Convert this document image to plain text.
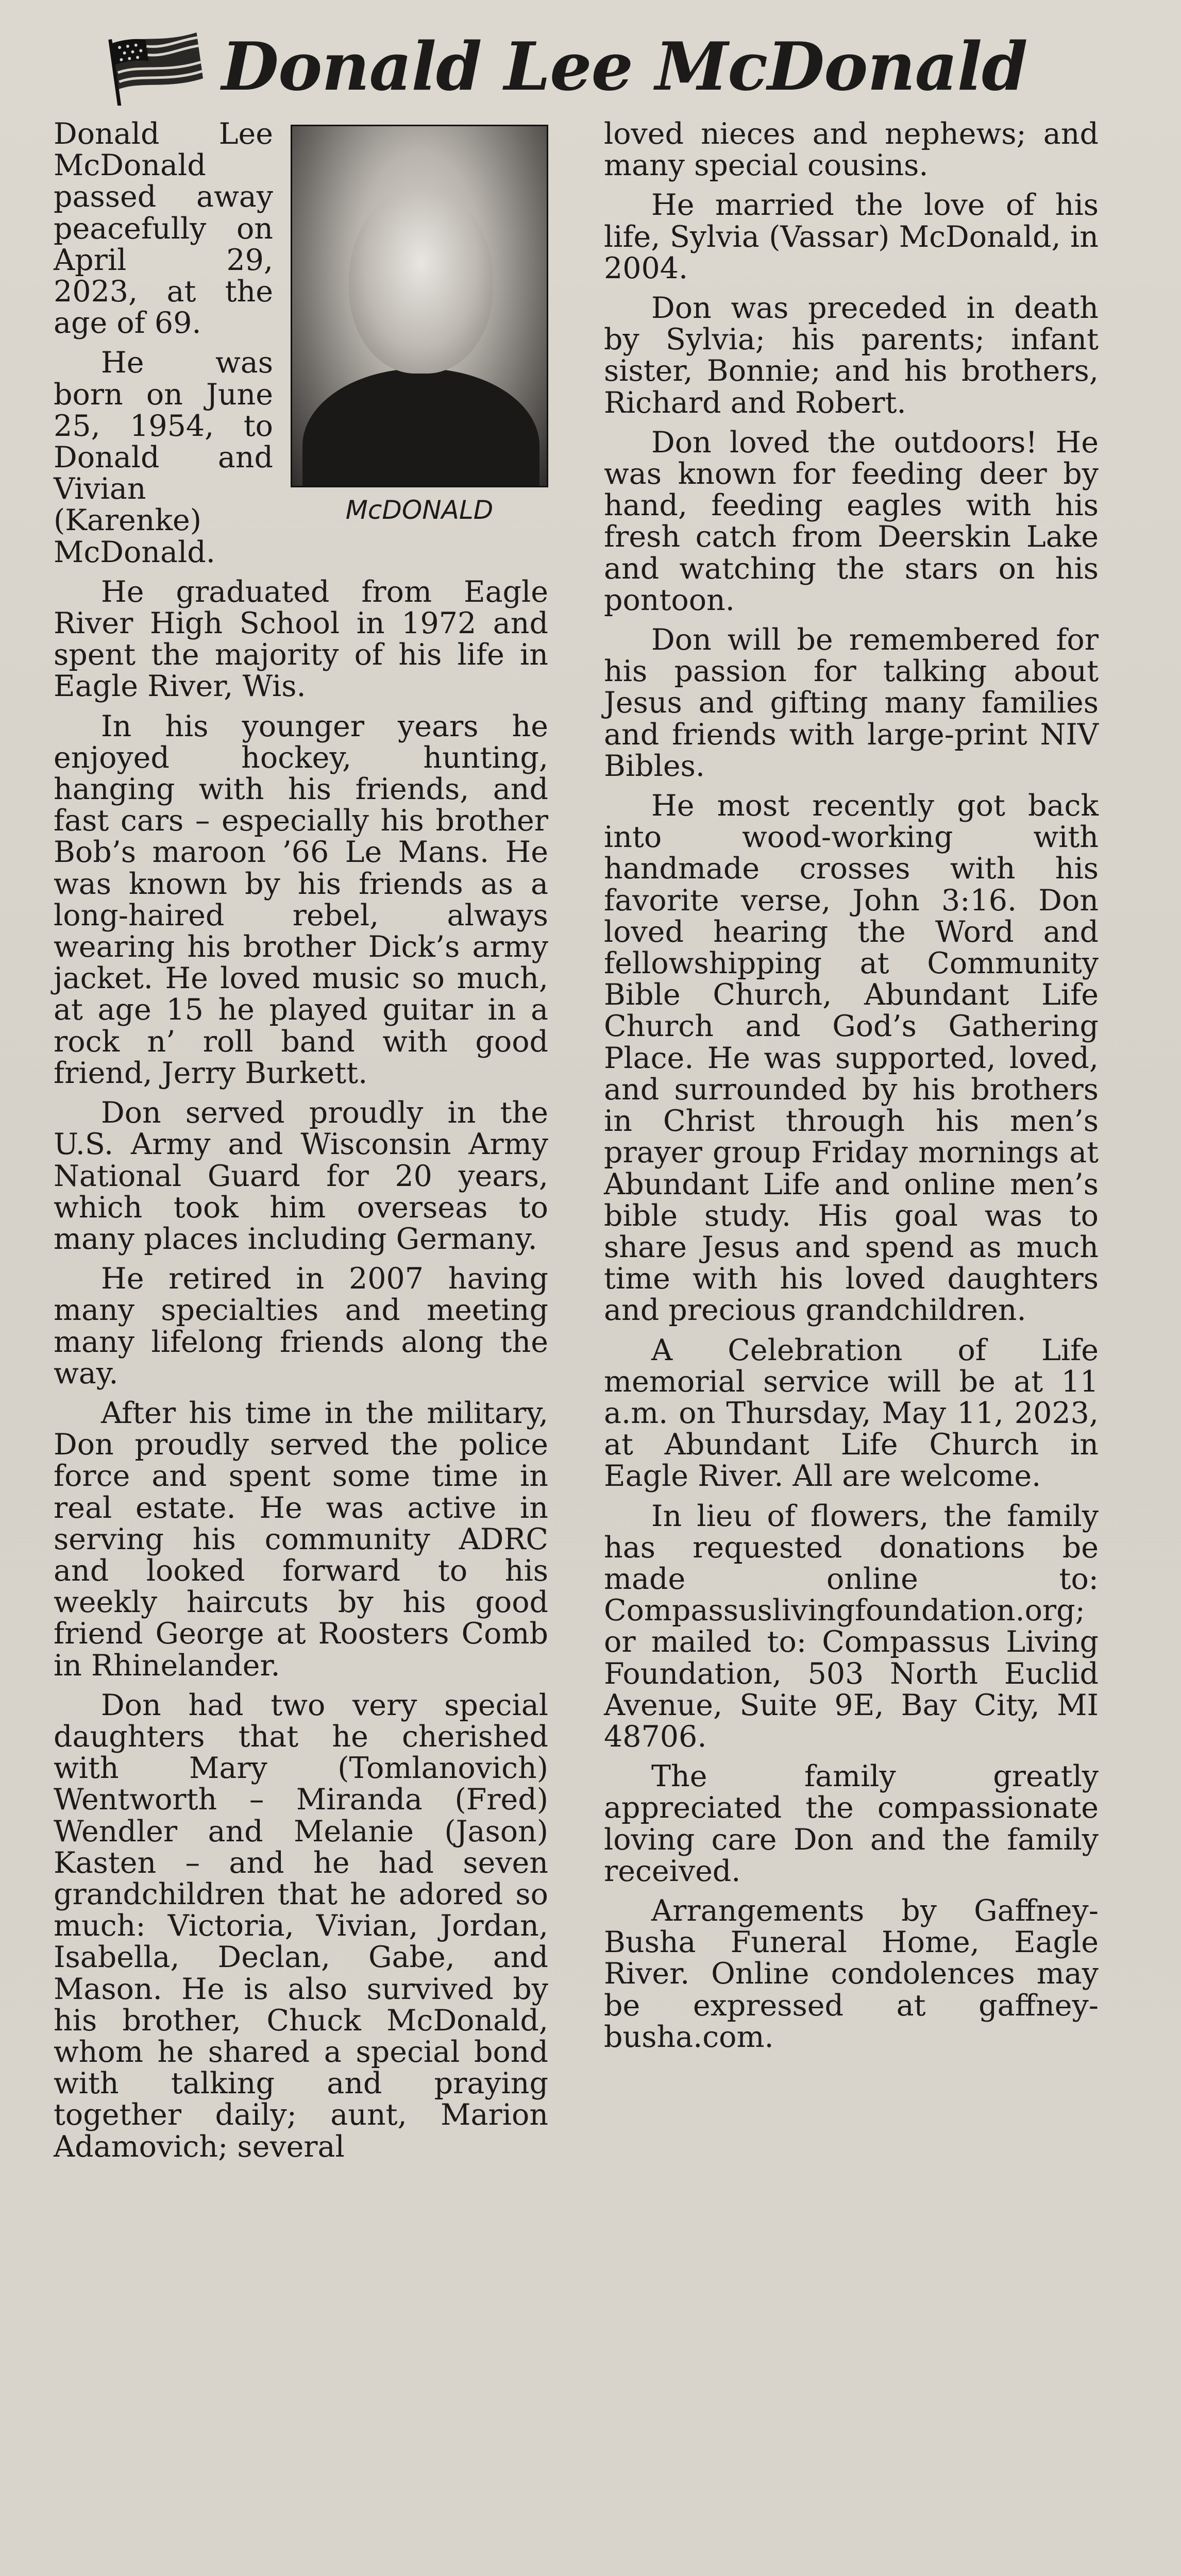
Donald Lee McDonald
McDONALD

Donald Lee McDonald passed away peacefully on April 29, 2023, at the age of 69.

He was born on June 25, 1954, to Donald and Vivian (Karenke) McDonald.

He graduated from Eagle River High School in 1972 and spent the majority of his life in Eagle River, Wis.

In his younger years he enjoyed hockey, hunting, hanging with his friends, and fast cars – especially his brother Bob’s maroon ’66 Le Mans. He was known by his friends as a long-haired rebel, always wearing his brother Dick’s army jacket. He loved music so much, at age 15 he played guitar in a rock n’ roll band with good friend, Jerry Burkett.

Don served proudly in the U.S. Army and Wisconsin Army National Guard for 20 years, which took him overseas to many places including Germany.

He retired in 2007 having many specialties and meeting many lifelong friends along the way.

After his time in the military, Don proudly served the police force and spent some time in real estate. He was active in serving his community ADRC and looked forward to his weekly haircuts by his good friend George at Roosters Comb in Rhinelander.

Don had two very special daughters that he cherished with Mary (Tomlanovich) Wentworth – Miranda (Fred) Wendler and Melanie (Jason) Kasten – and he had seven grandchildren that he adored so much: Victoria, Vivian, Jordan, Isabella, Declan, Gabe, and Mason. He is also survived by his brother, Chuck McDonald, whom he shared a special bond with talking and praying together daily; aunt, Marion Adamovich; several

loved nieces and nephews; and many special cousins.

He married the love of his life, Sylvia (Vassar) McDonald, in 2004.

Don was preceded in death by Sylvia; his parents; infant sister, Bonnie; and his brothers, Richard and Robert.

Don loved the outdoors! He was known for feeding deer by hand, feeding eagles with his fresh catch from Deerskin Lake and watching the stars on his pontoon.

Don will be remembered for his passion for talking about Jesus and gifting many families and friends with large-print NIV Bibles.

He most recently got back into wood-working with handmade crosses with his favorite verse, John 3:16. Don loved hearing the Word and fellowshipping at Community Bible Church, Abundant Life Church and God’s Gathering Place. He was supported, loved, and surrounded by his brothers in Christ through his men’s prayer group Friday mornings at Abundant Life and online men’s bible study. His goal was to share Jesus and spend as much time with his loved daughters and precious grandchildren.

A Celebration of Life memorial service will be at 11 a.m. on Thursday, May 11, 2023, at Abundant Life Church in Eagle River. All are welcome.

In lieu of flowers, the family has requested donations be made online to: Compassuslivingfoundation.org; or mailed to: Compassus Living Foundation, 503 North Euclid Avenue, Suite 9E, Bay City, MI 48706.

The family greatly appreciated the compassionate loving care Don and the family received.

Arrangements by Gaffney-Busha Funeral Home, Eagle River. Online condolences may be expressed at gaffney-busha.com.
